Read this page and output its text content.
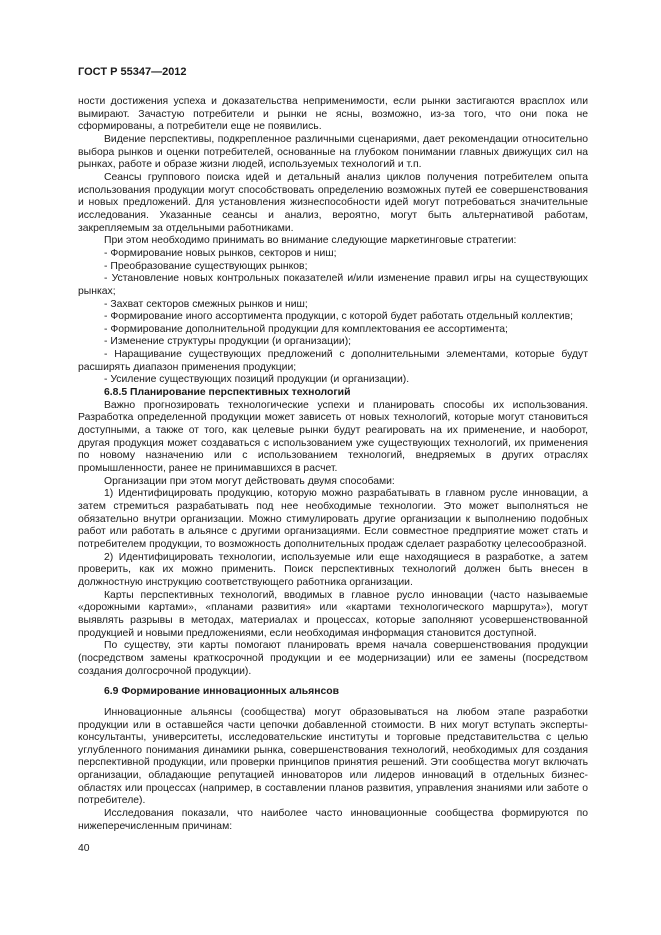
ГОСТ Р 55347—2012

ности достижения успеха и доказательства неприменимости, если рынки застигаются врасплох или вымирают. Зачастую потребители и рынки не ясны, возможно, из-за того, что они пока не сформированы, а потребители еще не появились.

Видение перспективы, подкрепленное различными сценариями, дает рекомендации относительно выбора рынков и оценки потребителей, основанные на глубоком понимании главных движущих сил на рынках, работе и образе жизни людей, используемых технологий и т.п.

Сеансы группового поиска идей и детальный анализ циклов получения потребителем опыта использования продукции могут способствовать определению возможных путей ее совершенствования и новых предложений. Для установления жизнеспособности идей могут потребоваться значительные исследования. Указанные сеансы и анализ, вероятно, могут быть альтернативой работам, закрепляемым за отдельными работниками.

При этом необходимо принимать во внимание следующие маркетинговые стратегии:

- Формирование новых рынков, секторов и ниш;

- Преобразование существующих рынков;

- Установление новых контрольных показателей и/или изменение правил игры на существующих рынках;

- Захват секторов смежных рынков и ниш;

- Формирование иного ассортимента продукции, с которой будет работать отдельный коллектив;

- Формирование дополнительной продукции для комплектования ее ассортимента;

- Изменение структуры продукции (и организации);

- Наращивание существующих предложений с дополнительными элементами, которые будут расширять диапазон применения продукции;

- Усиление существующих позиций продукции (и организации).

6.8.5 Планирование перспективных технологий

Важно прогнозировать технологические успехи и планировать способы их использования. Разработка определенной продукции может зависеть от новых технологий, которые могут становиться доступными, а также от того, как целевые рынки будут реагировать на их применение, и наоборот, другая продукция может создаваться с использованием уже существующих технологий, их применения по новому назначению или с использованием технологий, внедряемых в других отраслях промышленности, ранее не принимавшихся в расчет.

Организации при этом могут действовать двумя способами:

1) Идентифицировать продукцию, которую можно разрабатывать в главном русле инновации, а затем стремиться разрабатывать под нее необходимые технологии. Это может выполняться не обязательно внутри организации. Можно стимулировать другие организации к выполнению подобных работ или работать в альянсе с другими организациями. Если совместное предприятие может стать и потребителем продукции, то возможность дополнительных продаж сделает разработку целесообразной.

2) Идентифицировать технологии, используемые или еще находящиеся в разработке, а затем проверить, как их можно применить. Поиск перспективных технологий должен быть внесен в должностную инструкцию соответствующего работника организации.

Карты перспективных технологий, вводимых в главное русло инновации (часто называемые «дорожными картами», «планами развития» или «картами технологического маршрута»), могут выявлять разрывы в методах, материалах и процессах, которые заполняют усовершенствованной продукцией и новыми предложениями, если необходимая информация становится доступной.

По существу, эти карты помогают планировать время начала совершенствования продукции (посредством замены краткосрочной продукции и ее модернизации) или ее замены (посредством создания долгосрочной продукции).

6.9 Формирование инновационных альянсов

Инновационные альянсы (сообщества) могут образовываться на любом этапе разработки продукции или в оставшейся части цепочки добавленной стоимости. В них могут вступать эксперты-консультанты, университеты, исследовательские институты и торговые представительства с целью углубленного понимания динамики рынка, совершенствования технологий, необходимых для создания перспективной продукции, или проверки принципов принятия решений. Эти сообщества могут включать организации, обладающие репутацией инноваторов или лидеров инноваций в отдельных бизнес-областях или процессах (например, в составлении планов развития, управления знаниями или заботе о потребителе).

Исследования показали, что наиболее часто инновационные сообщества формируются по нижеперечисленным причинам:

40
